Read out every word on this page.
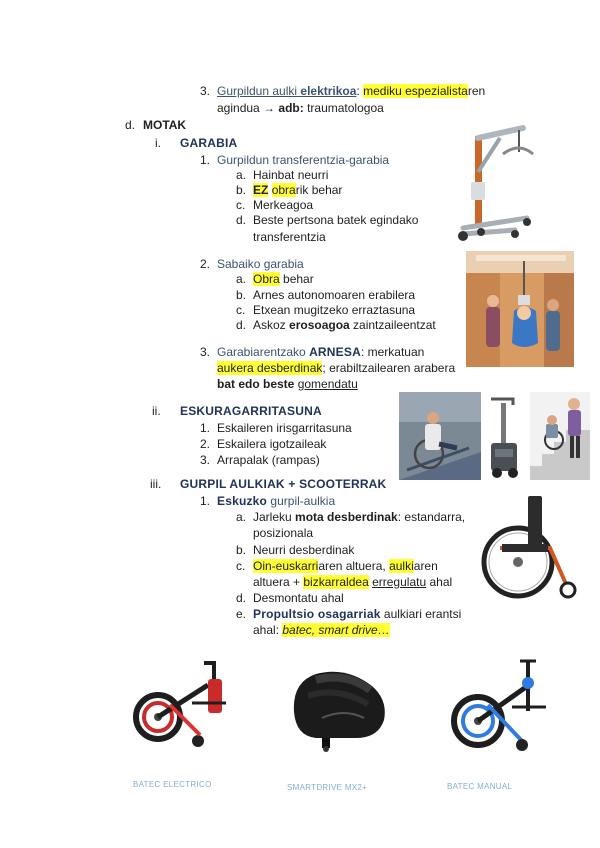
3. Gurpildun aulki elektrikoa: mediku espezialistaren
agindua → adb: traumatologoa
d. MOTAK
i. GARABIA
1. Gurpildun transferentzia-garabia
a. Hainbat neurri
b. EZ obrarik behar
c. Merkeagoa
d. Beste pertsona batek egindako
transferentzia
2. Sabaiko garabia
a. Obra behar
b. Arnes autonomoaren erabilera
c. Etxean mugitzeko erraztasuna
d. Askoz erosoagoa zaintzaileentzat
3. Garabiarentzako ARNESA: merkatuan
aukera desberdinak; erabiltzailearen arabera
bat edo beste gomendatu
ii. ESKURAGARRITASUNA
1. Eskaileren irisgarritasuna
2. Eskailera igotzaileak
3. Arrapalak (rampas)
iii. GURPIL AULKIAK + SCOOTERRAK
1. Eskuzko gurpil-aulkia
a. Jarleku mota desberdinak: estandarra,
posizionala
b. Neurri desberdinak
c. Oin-euskarriaren altuera, aulkiaren
altuera + bizkarraldea erregulatu ahal
d. Desmontatu ahal
e. Propultsio osagarriak aulkiari erantsi
ahal: batec, smart drive…
BATEC ELECTRICO	SMARTDRIVE MX2+	BATEC MANUAL
